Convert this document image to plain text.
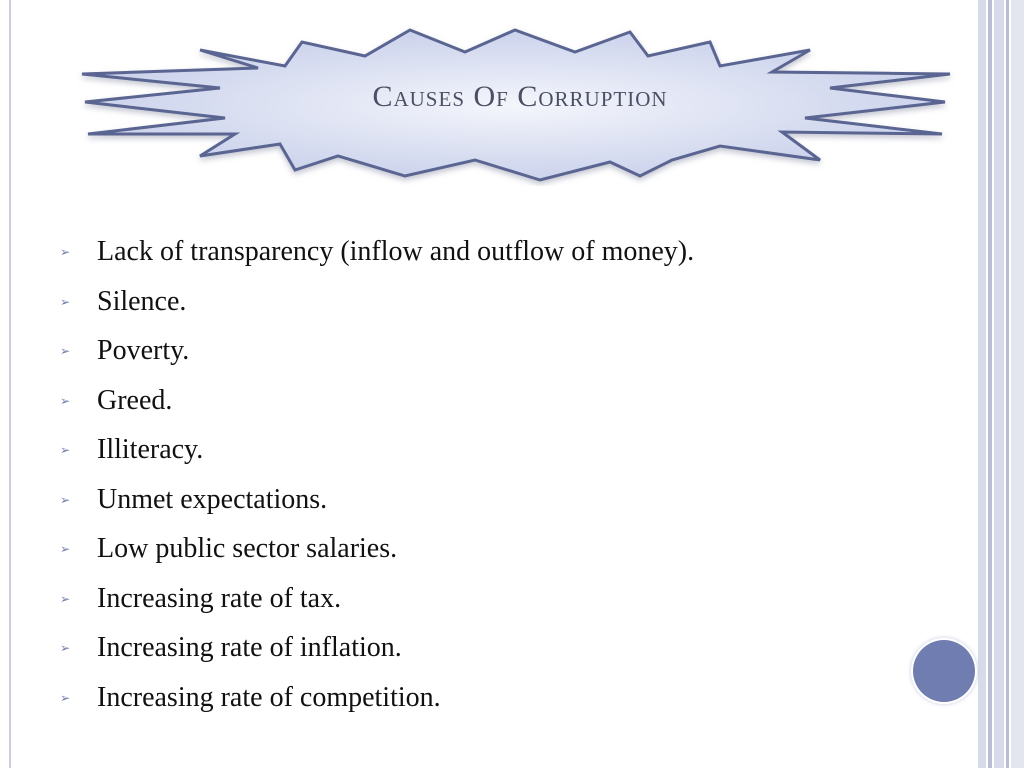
Causes Of Corruption
➢ Lack of transparency (inflow and outflow of money).
➢ Silence.
➢ Poverty.
➢ Greed.
➢ Illiteracy.
➢ Unmet expectations.
➢ Low public sector salaries.
➢ Increasing rate of tax.
➢ Increasing rate of inflation.
➢ Increasing rate of competition.
